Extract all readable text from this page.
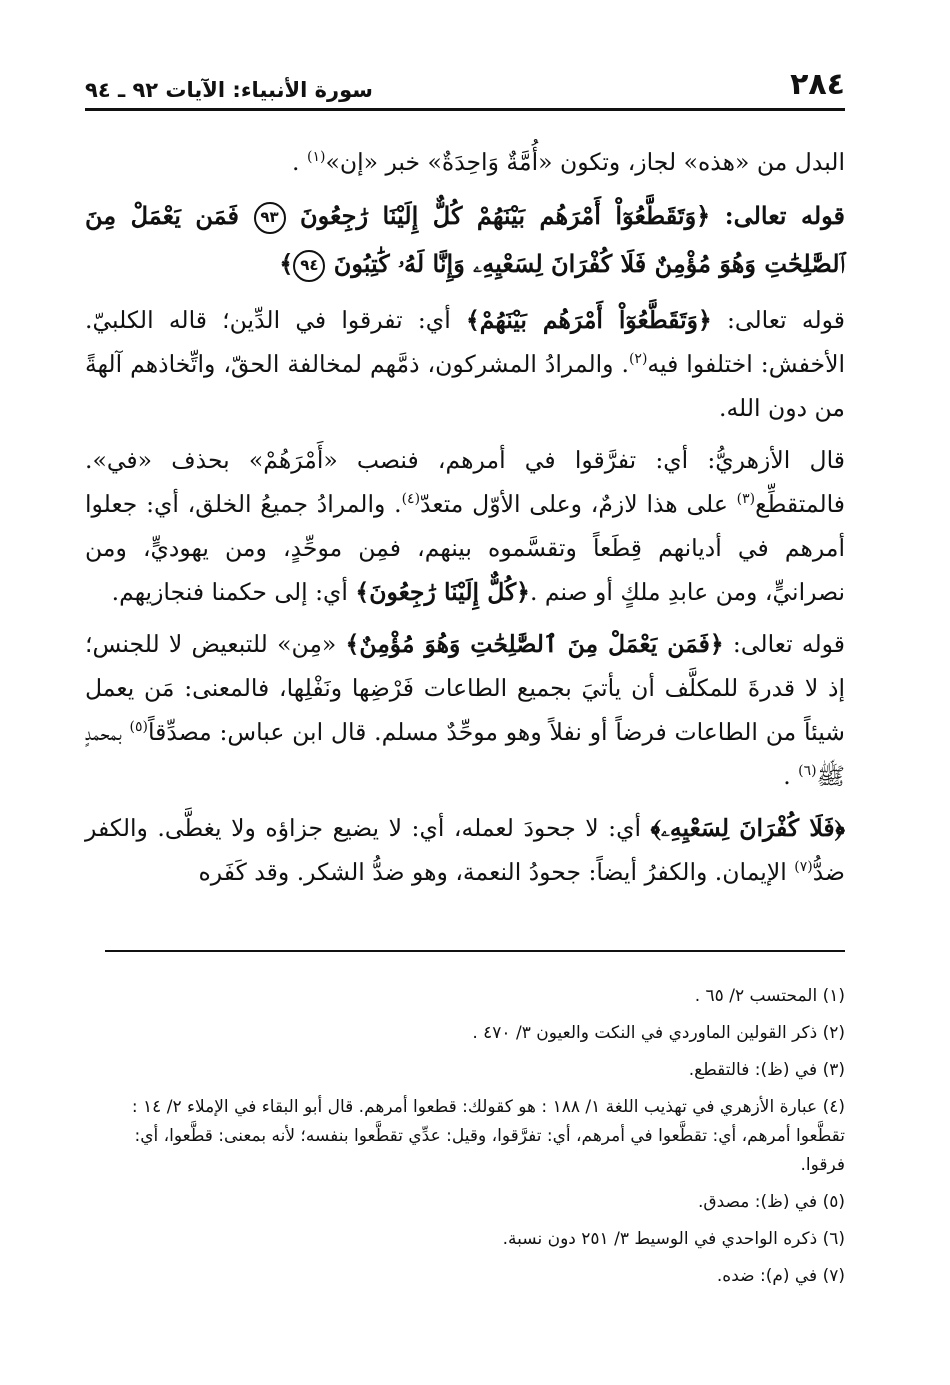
٢٨٤
سورة الأنبياء: الآيات ٩٢ ـ ٩٤

البدل من «هذه» لجاز، وتكون «أُمَّةٌ وَاحِدَةٌ» خبر «إن»$^{(١)}$ .

قوله تعالى: ﴿وَتَقَطَّعُوٓاْ أَمْرَهُم بَيْنَهُمْ كُلٌّ إِلَيْنَا رَٰجِعُونَ ٩٣ فَمَن يَعْمَلْ مِنَ ٱلصَّٰلِحَٰتِ وَهُوَ مُؤْمِنٌ فَلَا كُفْرَانَ لِسَعْيِهِۦ وَإِنَّا لَهُۥ كَٰتِبُونَ ٩٤﴾

قوله تعالى: ﴿وَتَقَطَّعُوٓاْ أَمْرَهُم بَيْنَهُمْ﴾ أي: تفرقوا في الدِّين؛ قاله الكلبيّ. الأخفش: اختلفوا فيه$^{(٢)}$. والمرادُ المشركون، ذمَّهم لمخالفة الحقّ، واتِّخاذهم آلهةً من دون الله.

قال الأزهريُّ: أي: تفرَّقوا في أمرهم، فنصب «أَمْرَهُمْ» بحذف «في». فالمتقطِّع$^{(٣)}$ على هذا لازمٌ، وعلى الأوّل متعدّ$^{(٤)}$. والمرادُ جميعُ الخلق، أي: جعلوا أمرهم في أديانهم قِطَعاً وتقسَّموه بينهم، فمِن موحِّدٍ، ومن يهوديٍّ، ومن نصرانيٍّ، ومن عابدِ ملكٍ أو صنم .﴿كُلٌّ إِلَيْنَا رَٰجِعُونَ﴾ أي: إلى حكمنا فنجازيهم.

قوله تعالى: ﴿فَمَن يَعْمَلْ مِنَ ٱلصَّٰلِحَٰتِ وَهُوَ مُؤْمِنٌ﴾ «مِن» للتبعيض لا للجنس؛ إذ لا قدرةَ للمكلَّف أن يأتيَ بجميع الطاعات فَرْضِها ونَفْلِها، فالمعنى: مَن يعمل شيئاً من الطاعات فرضاً أو نفلاً وهو موحِّدٌ مسلم. قال ابن عباس: مصدِّقاً$^{(٥)}$ بمحمدٍ ﷺ$^{(٦)}$ .

﴿فَلَا كُفْرَانَ لِسَعْيِهِۦ﴾ أي: لا جحودَ لعمله، أي: لا يضيع جزاؤه ولا يغطَّى. والكفر ضدُّ$^{(٧)}$ الإيمان. والكفرُ أيضاً: جحودُ النعمة، وهو ضدُّ الشكر. وقد كَفَره

(١) المحتسب ٢/ ٦٥ .

(٢) ذكر القولين الماوردي في النكت والعيون ٣/ ٤٧٠ .

(٣) في (ظ): فالتقطع.

(٤) عبارة الأزهري في تهذيب اللغة ١/ ١٨٨ : هو كقولك: قطعوا أمرهم. قال أبو البقاء في الإملاء ٢/ ١٤ : تقطَّعوا أمرهم، أي: تقطَّعوا في أمرهم، أي: تفرَّقوا، وقيل: عدِّي تقطَّعوا بنفسه؛ لأنه بمعنى: قطَّعوا، أي: فرقوا.

(٥) في (ظ): مصدق.

(٦) ذكره الواحدي في الوسيط ٣/ ٢٥١ دون نسبة.

(٧) في (م): ضده.
